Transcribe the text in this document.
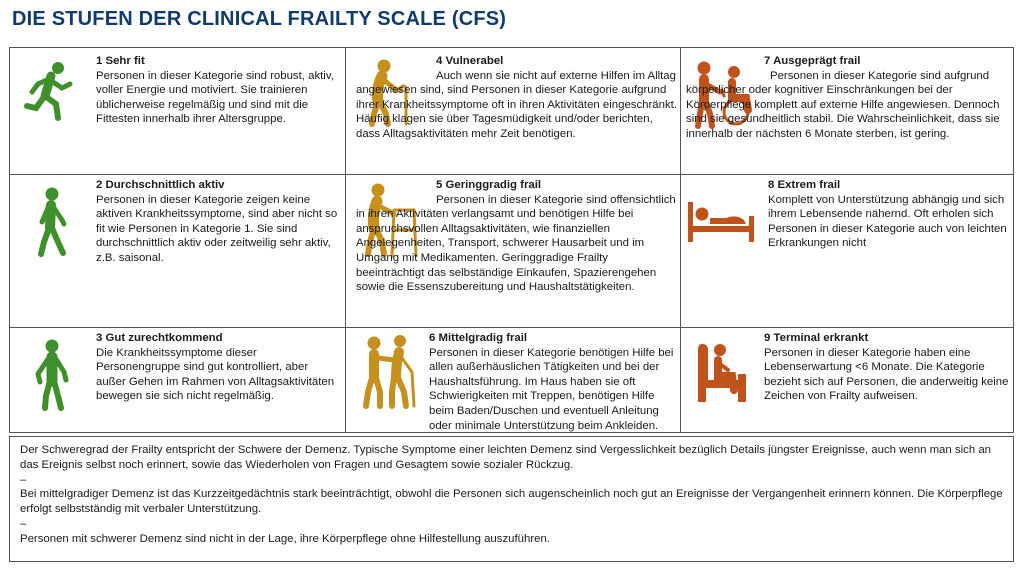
DIE STUFEN DER CLINICAL FRAILTY SCALE (CFS)
1 Sehr fit
Personen in dieser Kategorie sind robust, aktiv, voller Energie und motiviert. Sie trainieren üblicherweise regelmäßig und sind mit die Fittesten innerhalb ihrer Altersgruppe.
2 Durchschnittlich aktiv
Personen in dieser Kategorie zeigen keine aktiven Krankheitssymptome, sind aber nicht so fit wie Personen in Kategorie 1. Sie sind durchschnittlich aktiv oder zeitweilig sehr aktiv, z.B. saisonal.
3 Gut zurechtkommend
Die Krankheitssymptome dieser Personengruppe sind gut kontrolliert, aber außer Gehen im Rahmen von Alltagsaktivitäten bewegen sie sich nicht regelmäßig.
4 Vulnerabel
Auch wenn sie nicht auf externe Hilfen im Alltag angewiesen sind, sind Personen in dieser Kategorie aufgrund ihrer Krankheitssymptome oft in ihren Aktivitäten eingeschränkt. Häufig klagen sie über Tagesmüdigkeit und/oder berichten, dass Alltagsaktivitäten mehr Zeit benötigen.
5 Geringgradig frail
Personen in dieser Kategorie sind offensichtlich in ihren Aktivitäten verlangsamt und benötigen Hilfe bei anspruchsvollen Alltagsaktivitäten, wie finanziellen Angelegenheiten, Transport, schwerer Hausarbeit und im Umgang mit Medikamenten. Geringgradige Frailty beeinträchtigt das selbständige Einkaufen, Spazierengehen sowie die Essenszubereitung und Haushaltstätigkeiten.
6 Mittelgradig frail
Personen in dieser Kategorie benötigen Hilfe bei allen außerhäuslichen Tätigkeiten und bei der Haushaltsführung. Im Haus haben sie oft Schwierigkeiten mit Treppen, benötigen Hilfe beim Baden/Duschen und eventuell Anleitung oder minimale Unterstützung beim Ankleiden.
7 Ausgeprägt frail
Personen in dieser Kategorie sind aufgrund körperlicher oder kognitiver Einschränkungen bei der Körperpflege komplett auf externe Hilfe angewiesen. Dennoch sind sie gesundheitlich stabil. Die Wahrscheinlichkeit, dass sie innerhalb der nächsten 6 Monate sterben, ist gering.
8 Extrem frail
Komplett von Unterstützung abhängig und sich ihrem Lebensende nähernd. Oft erholen sich Personen in dieser Kategorie auch von leichten Erkrankungen nicht
9 Terminal erkrankt
Personen in dieser Kategorie haben eine Lebenserwartung <6 Monate. Die Kategorie bezieht sich auf Personen, die anderweitig keine Zeichen von Frailty aufweisen.

Der Schweregrad der Frailty entspricht der Schwere der Demenz. Typische Symptome einer leichten Demenz sind Vergesslichkeit bezüglich Details jüngster Ereignisse, auch wenn man sich an das Ereignis selbst noch erinnert, sowie das Wiederholen von Fragen und Gesagtem sowie sozialer Rückzug.

–

Bei mittelgradiger Demenz ist das Kurzzeitgedächtnis stark beeinträchtigt, obwohl die Personen sich augenscheinlich noch gut an Ereignisse der Vergangenheit erinnern können. Die Körperpflege erfolgt selbstständig mit verbaler Unterstützung.

–

Personen mit schwerer Demenz sind nicht in der Lage, ihre Körperpflege ohne Hilfestellung auszuführen.
